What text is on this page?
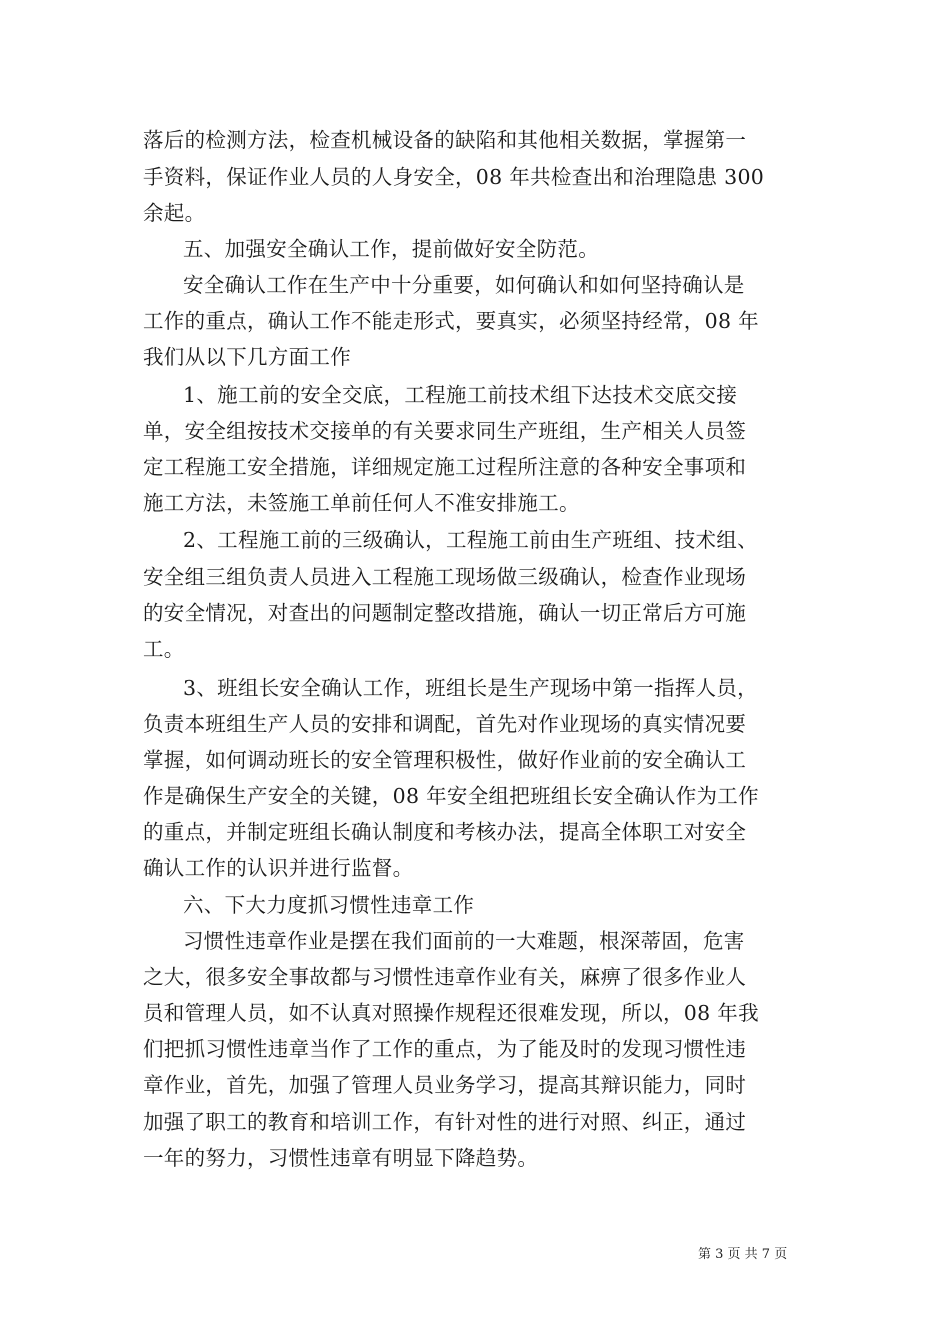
落后的检测方法，检查机械设备的缺陷和其他相关数据，掌握第一
手资料，保证作业人员的人身安全，08 年共检查出和治理隐患 300
余起。
五、加强安全确认工作，提前做好安全防范。
安全确认工作在生产中十分重要，如何确认和如何坚持确认是
工作的重点，确认工作不能走形式，要真实，必须坚持经常，08 年
我们从以下几方面工作
1、施工前的安全交底，工程施工前技术组下达技术交底交接
单，安全组按技术交接单的有关要求同生产班组，生产相关人员签
定工程施工安全措施，详细规定施工过程所注意的各种安全事项和
施工方法，未签施工单前任何人不准安排施工。
2、工程施工前的三级确认，工程施工前由生产班组、技术组、
安全组三组负责人员进入工程施工现场做三级确认，检查作业现场
的安全情况，对查出的问题制定整改措施，确认一切正常后方可施
工。
3、班组长安全确认工作，班组长是生产现场中第一指挥人员，
负责本班组生产人员的安排和调配，首先对作业现场的真实情况要
掌握，如何调动班长的安全管理积极性，做好作业前的安全确认工
作是确保生产安全的关键，08 年安全组把班组长安全确认作为工作
的重点，并制定班组长确认制度和考核办法，提高全体职工对安全
确认工作的认识并进行监督。
六、下大力度抓习惯性违章工作
习惯性违章作业是摆在我们面前的一大难题，根深蒂固，危害
之大，很多安全事故都与习惯性违章作业有关，麻痹了很多作业人
员和管理人员，如不认真对照操作规程还很难发现，所以，08 年我
们把抓习惯性违章当作了工作的重点，为了能及时的发现习惯性违
章作业，首先，加强了管理人员业务学习，提高其辩识能力，同时
加强了职工的教育和培训工作，有针对性的进行对照、纠正，通过
一年的努力，习惯性违章有明显下降趋势。
第 3 页 共 7 页
